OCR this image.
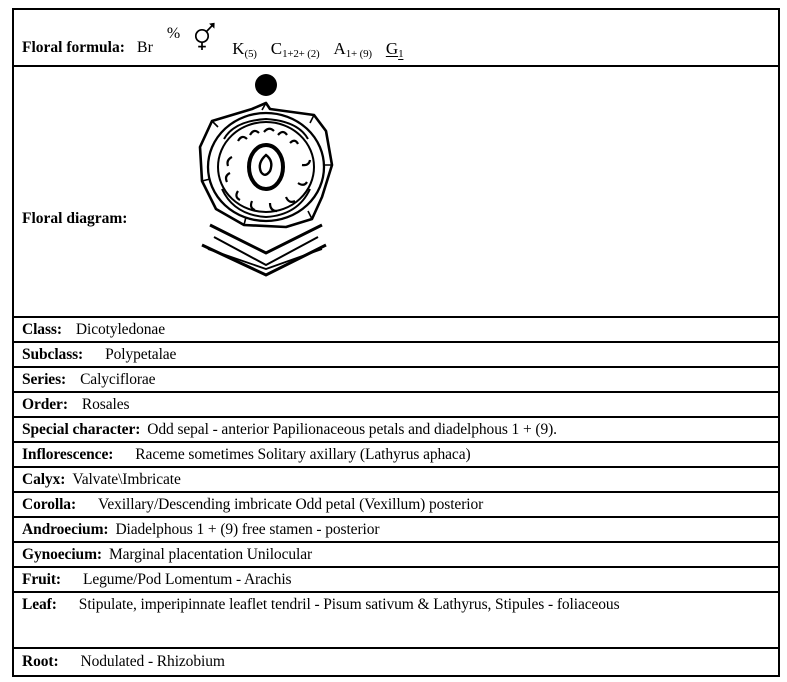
Floral formula: Br
%
K (5) C 1+2+ (2) A 1+ (9) G 1
Floral diagram:
Class: Dicotyledonae
Subclass: Polypetalae
Series: Calyciflorae
Order: Rosales
Special character: Odd sepal - anterior Papilionaceous petals and diadelphous 1 + (9).
Inflorescence: Raceme sometimes Solitary axillary (Lathyrus aphaca)
Calyx: Valvate\Imbricate
Corolla: Vexillary/Descending imbricate Odd petal (Vexillum) posterior
Androecium: Diadelphous 1 + (9) free stamen - posterior
Gynoecium: Marginal placentation Unilocular
Fruit: Legume/Pod Lomentum - Arachis
Leaf: Stipulate, imperipinnate leaflet tendril - Pisum sativum & Lathyrus, Stipules - foliaceous
Root: Nodulated - Rhizobium
